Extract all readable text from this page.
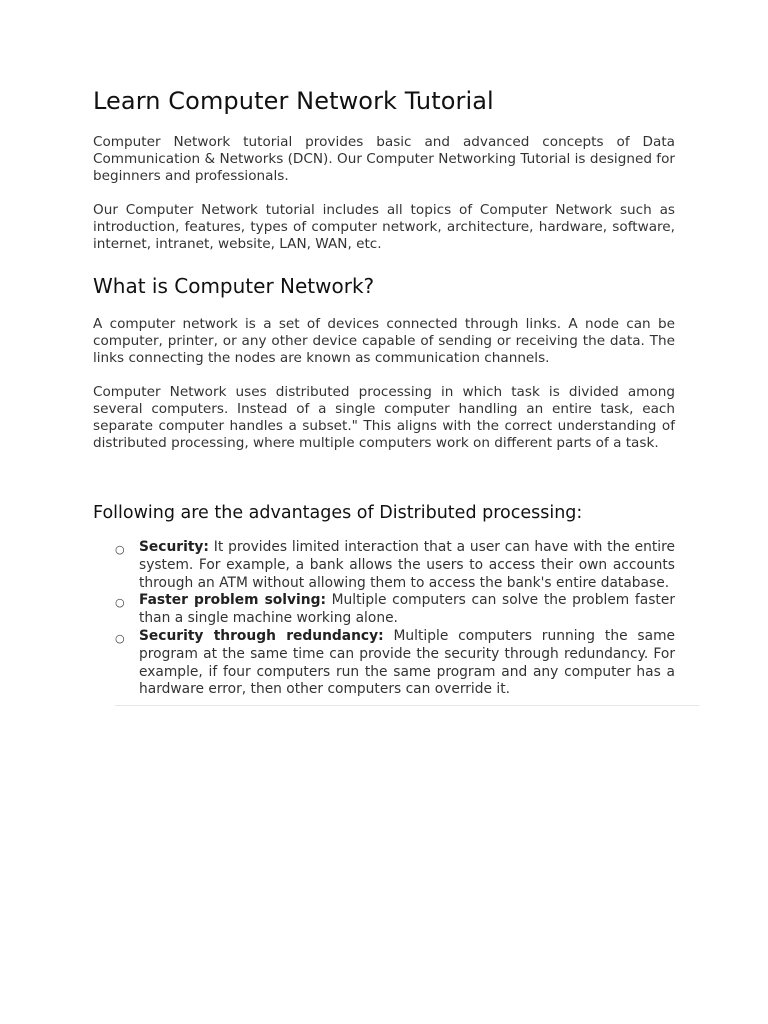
Learn Computer Network Tutorial

Computer Network tutorial provides basic and advanced concepts of Data Communication & Networks (DCN). Our Computer Networking Tutorial is designed for beginners and professionals.

Our Computer Network tutorial includes all topics of Computer Network such as introduction, features, types of computer network, architecture, hardware, software, internet, intranet, website, LAN, WAN, etc.

What is Computer Network?

A computer network is a set of devices connected through links. A node can be computer, printer, or any other device capable of sending or receiving the data. The links connecting the nodes are known as communication channels.

Computer Network uses distributed processing in which task is divided among several computers. Instead of a single computer handling an entire task, each separate computer handles a subset." This aligns with the correct understanding of distributed processing, where multiple computers work on different parts of a task.

Following are the advantages of Distributed processing:
○ Security: It provides limited interaction that a user can have with the entire system. For example, a bank allows the users to access their own accounts through an ATM without allowing them to access the bank's entire database.
○ Faster problem solving: Multiple computers can solve the problem faster than a single machine working alone.
○ Security through redundancy: Multiple computers running the same program at the same time can provide the security through redundancy. For example, if four computers run the same program and any computer has a hardware error, then other computers can override it.
